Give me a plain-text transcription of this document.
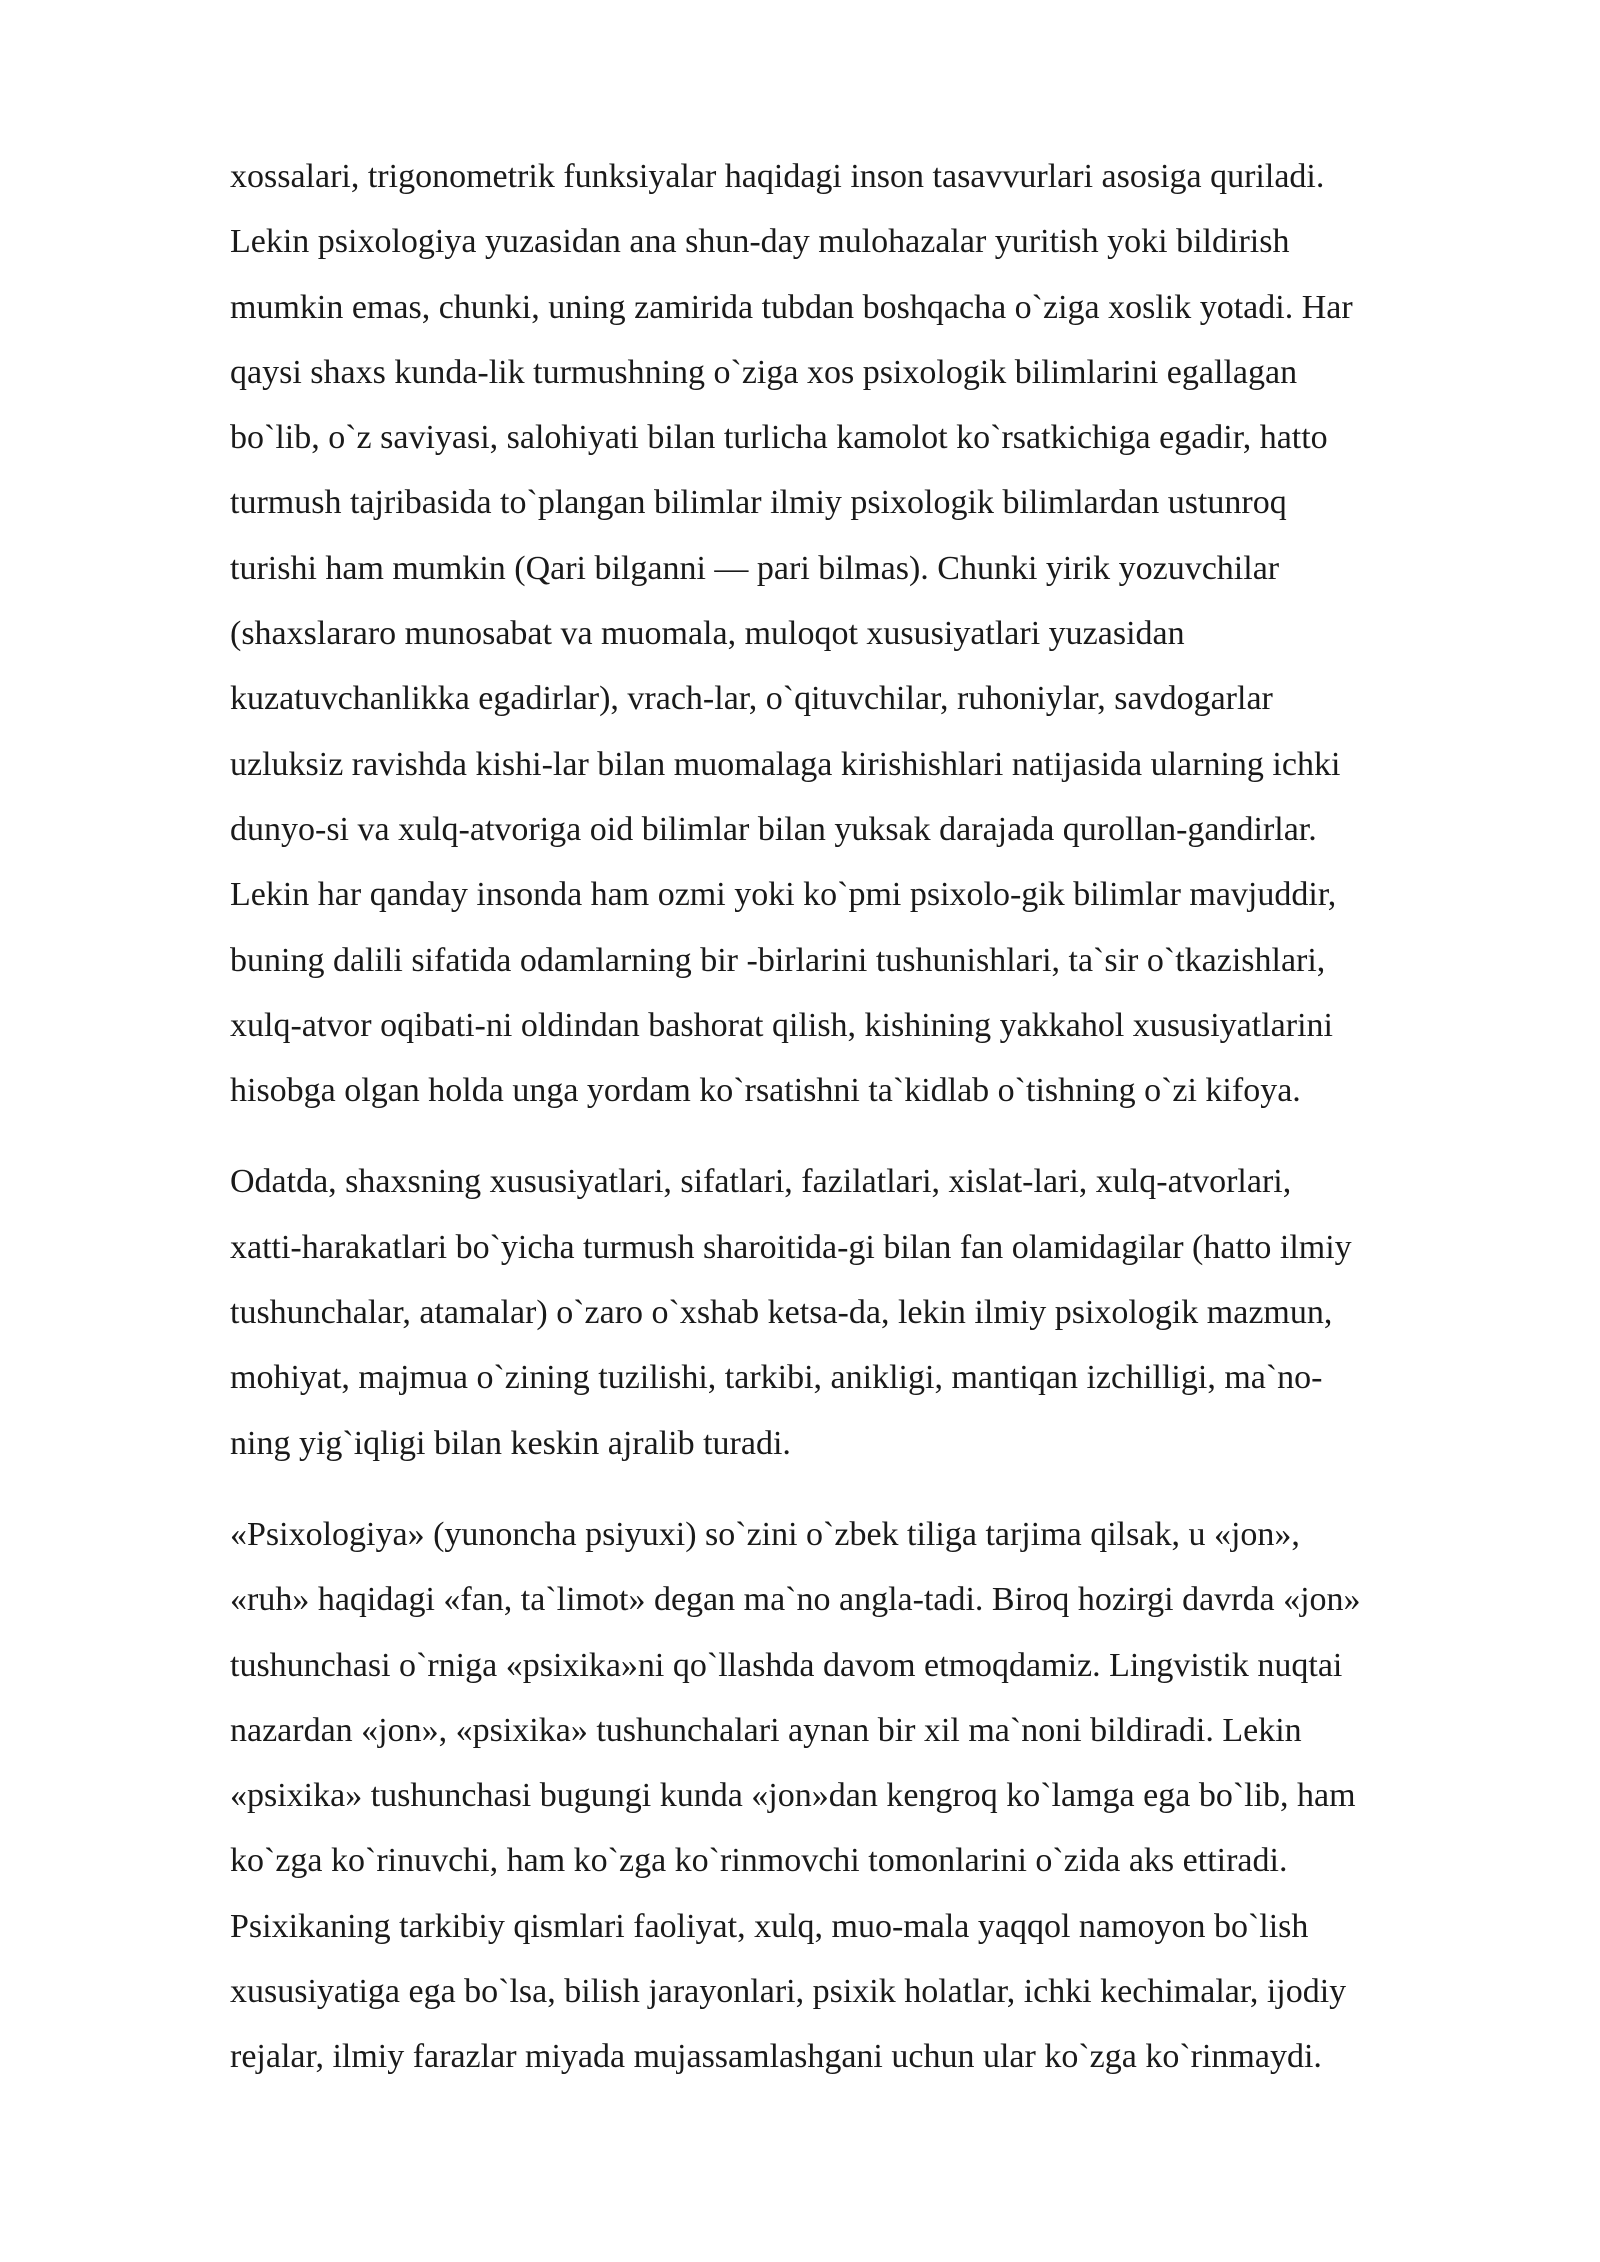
xossalari, trigonometrik funksiyalar haqidagi inson tasavvurlari asosiga quriladi.
Lekin psixologiya yuzasidan ana shun-day mulohazalar yuritish yoki bildirish
mumkin emas, chunki, uning zamirida tubdan boshqacha o`ziga xoslik yotadi. Har
qaysi shaxs kunda-lik turmushning o`ziga xos psixologik bilimlarini egallagan
bo`lib, o`z saviyasi, salohiyati bilan turlicha kamolot ko`rsatkichiga egadir, hatto
turmush tajribasida to`plangan bilimlar ilmiy psixologik bilimlardan ustunroq
turishi ham mumkin (Qari bilganni — pari bilmas). Chunki yirik yozuvchilar
(shaxslararo munosabat va muomala, muloqot xususiyatlari yuzasidan
kuzatuvchanlikka egadirlar), vrach-lar, o`qituvchilar, ruhoniylar, savdogarlar
uzluksiz ravishda kishi-lar bilan muomalaga kirishishlari natijasida ularning ichki
dunyo-si va xulq-atvoriga oid bilimlar bilan yuksak darajada qurollan-gandirlar.
Lekin har qanday insonda ham ozmi yoki ko`pmi psixolo-gik bilimlar mavjuddir,
buning dalili sifatida odamlarning bir -birlarini tushunishlari, ta`sir o`tkazishlari,
xulq-atvor oqibati-ni oldindan bashorat qilish, kishining yakkahol xususiyatlarini
hisobga olgan holda unga yordam ko`rsatishni ta`kidlab o`tishning o`zi kifoya.
Odatda, shaxsning xususiyatlari, sifatlari, fazilatlari, xislat-lari, xulq-atvorlari,
xatti-harakatlari bo`yicha turmush sharoitida-gi bilan fan olamidagilar (hatto ilmiy
tushunchalar, atamalar) o`zaro o`xshab ketsa-da, lekin ilmiy psixologik mazmun,
mohiyat, majmua o`zining tuzilishi, tarkibi, anikligi, mantiqan izchilligi, ma`no-
ning yig`iqligi bilan keskin ajralib turadi.
«Psixologiya» (yunoncha psiyuxi) so`zini o`zbek tiliga tarjima qilsak, u «jon»,
«ruh» haqidagi «fan, ta`limot» degan ma`no angla-tadi. Biroq hozirgi davrda «jon»
tushunchasi o`rniga «psixika»ni qo`llashda davom etmoqdamiz. Lingvistik nuqtai
nazardan «jon», «psixika» tushunchalari aynan bir xil ma`noni bildiradi. Lekin
«psixika» tushunchasi bugungi kunda «jon»dan kengroq ko`lamga ega bo`lib, ham
ko`zga ko`rinuvchi, ham ko`zga ko`rinmovchi tomonlarini o`zida aks ettiradi.
Psixikaning tarkibiy qismlari faoliyat, xulq, muo-mala yaqqol namoyon bo`lish
xususiyatiga ega bo`lsa, bilish jarayonlari, psixik holatlar, ichki kechimalar, ijodiy
rejalar, ilmiy farazlar miyada mujassamlashgani uchun ular ko`zga ko`rinmaydi.
